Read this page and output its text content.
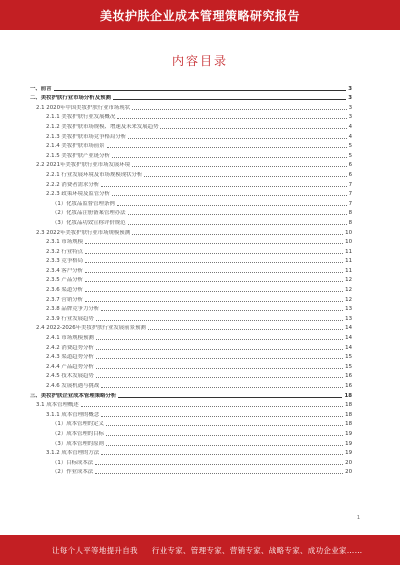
美妆护肤企业成本管理策略研究报告
内容目录
一、前言	3
二、美妆护肤行业市场分析及预测	3
2.1 2020年中国美妆护肤行业市场现状	3
2.1.1 美妆护肤行业发展概况	3
2.1.2 美妆护肤市场规模、增速及未来发展趋势	4
2.1.3 美妆护肤市场竞争格局分析	4
2.1.4 美妆护肤市场前景	5
2.1.5 美妆护肤产业链分析	5
2.2 2021年美妆护肤行业市场发展环境	6
2.2.1 行业发展环境及市场规模现状分析	6
2.2.2 消费者需求分析	7
2.2.3 政策环境及监管分析	7
（1）化妆品监督管理条例	7
（2）化妆品注册备案管理办法	8
（3）化妆品功效宣称评价规范	8
2.3 2022年美妆护肤行业市场规模预测	10
2.3.1 市场规模	10
2.3.2 行业特点	11
2.3.3 竞争格局	11
2.3.4 客户分析	11
2.3.5 产品分析	12
2.3.6 渠道分析	12
2.3.7 营销分析	12
2.3.8 品牌竞争力分析	13
2.3.9 行业发展趋势	13
2.4 2022-2026年美妆护肤行业发展前景预测	14
2.4.1 市场规模预测	14
2.4.2 消费趋势分析	14
2.4.3 渠道趋势分析	15
2.4.4 产品趋势分析	15
2.4.5 技术发展趋势	16
2.4.6 发展机遇与挑战	16
三、美妆护肤企业成本管理策略分析	18
3.1 成本管理概述	18
3.1.1 成本管理的概念	18
（1）成本管理的定义	18
（2）成本管理的目标	19
（3）成本管理的原则	19
3.1.2 成本管理的方法	19
（1）目标成本法	20
（2）作业成本法	20
1
让每个人平等地提升自我 行业专家、管理专家、营销专家、战略专家、成功企业家……
